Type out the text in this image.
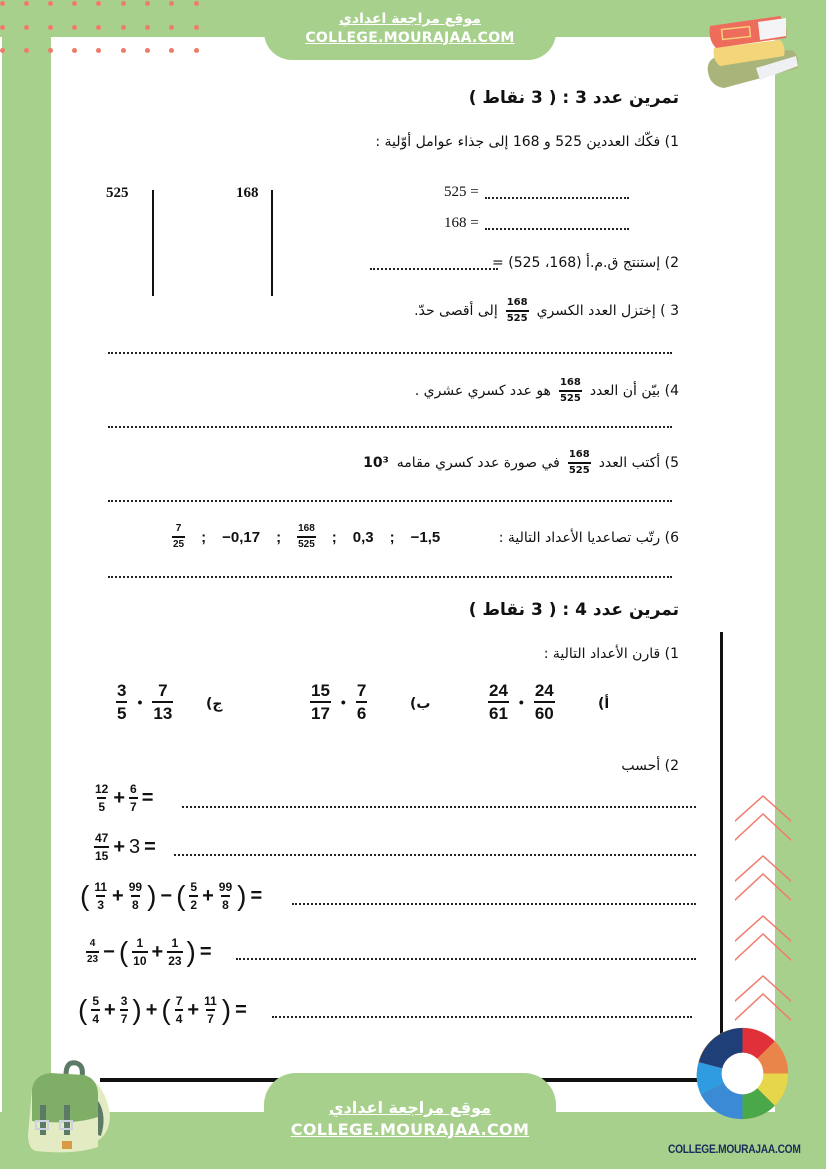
موقع مراجعة اعدادي
COLLEGE.MOURAJAA.COM
تمرين عدد 3 : ( 3 نقاط )
1) فكّك العددين 525 و 168 إلى جذاء عوامل أوّلية :
525	168	525 =
168 =
2) إستنتج ق.م.أ (168، 525) =
3 ) إختزل العدد الكسري
$\frac{168}{525}$
إلى أقصى حدّ.
4) بيّن أن العدد
$\frac{168}{525}$
هو عدد كسري عشري .
5) أكتب العدد
$\frac{168}{525}$
في صورة عدد كسري مقامه
10³
6) رتّب تصاعديا الأعداد التالية :
$\frac{7}{25}$ ; −0,17 ; $\frac{168}{525}$ ; 0,3 ; −1,5
تمرين عدد 4 : ( 3 نقاط )
1) قارن الأعداد التالية :
$\frac{24}{61}$ • $\frac{24}{60}$	أ)
$\frac{15}{17}$ • $\frac{7}{6}$	ب)
$\frac{3}{5}$ • $\frac{7}{13}$ ج)
2) أحسب
$\frac{12}{5} + \frac{6}{7}$ =
$\frac{47}{15} + 3$ =
( $\frac{11}{3} + \frac{99}{8}$ ) − ( $\frac{5}{2} + \frac{99}{8}$ ) =
$\frac{4}{23}$ − ( $\frac{1}{10} + \frac{1}{23}$ ) =
( $\frac{5}{4} + \frac{3}{7}$ ) + ( $\frac{7}{4} + \frac{11}{7}$ ) =
موقع مراجعة اعدادي
COLLEGE.MOURAJAA.COM
COLLEGE.MOURAJAA.COM
